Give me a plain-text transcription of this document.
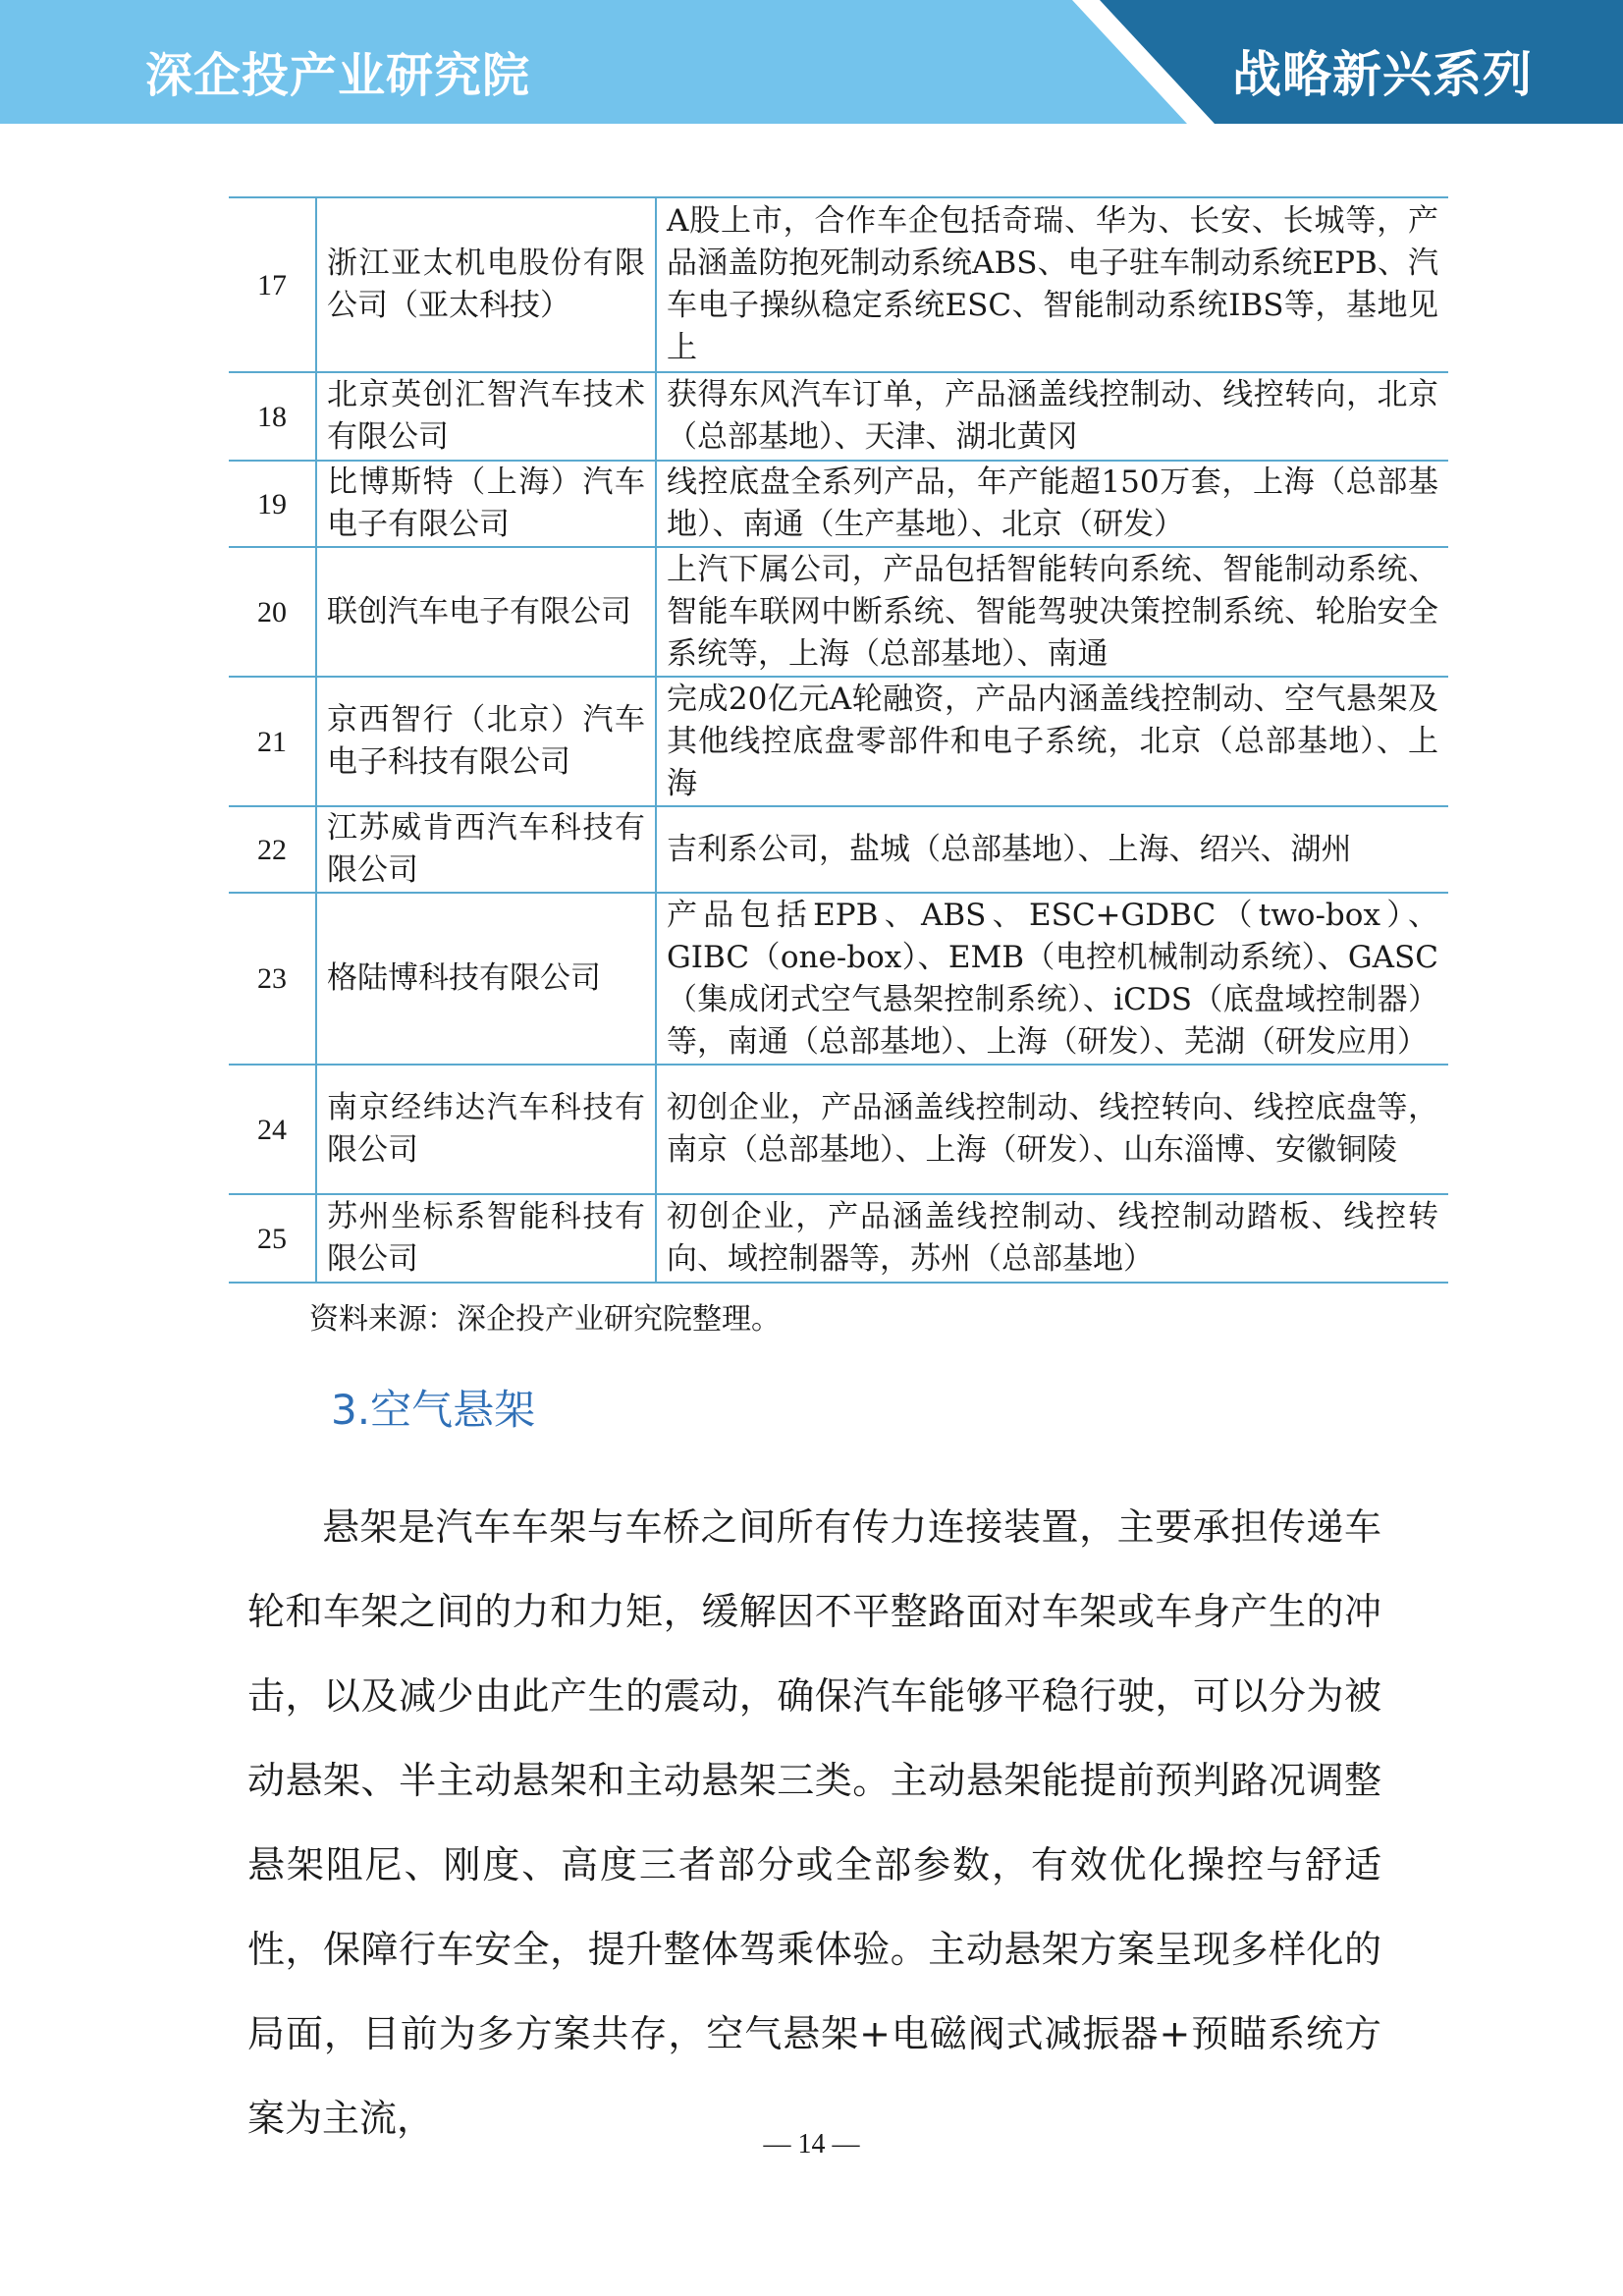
深企投产业研究院	战略新兴系列
17	浙江亚太机电股份有限公司（亚太科技）	A股上市，合作车企包括奇瑞、华为、长安、长城等，产品涵盖防抱死制动系统ABS、电子驻车制动系统EPB、汽车电子操纵稳定系统ESC、智能制动系统IBS等，基地见上
18	北京英创汇智汽车技术有限公司	获得东风汽车订单，产品涵盖线控制动、线控转向，北京（总部基地）、天津、湖北黄冈
19	比博斯特（上海）汽车电子有限公司	线控底盘全系列产品，年产能超150万套，上海（总部基地）、南通（生产基地）、北京（研发）
20	联创汽车电子有限公司	上汽下属公司，产品包括智能转向系统、智能制动系统、智能车联网中断系统、智能驾驶决策控制系统、轮胎安全系统等，上海（总部基地）、南通
21	京西智行（北京）汽车电子科技有限公司	完成20亿元A轮融资，产品内涵盖线控制动、空气悬架及其他线控底盘零部件和电子系统，北京（总部基地）、上海
22	江苏威肯西汽车科技有限公司	吉利系公司，盐城（总部基地）、上海、绍兴、湖州
23	格陆博科技有限公司	产品包括EPB、ABS、ESC+GDBC（two-box）、GIBC（one-box）、EMB（电控机械制动系统）、GASC（集成闭式空气悬架控制系统）、iCDS（底盘域控制器）等，南通（总部基地）、上海（研发）、芜湖（研发应用）
24	南京经纬达汽车科技有限公司	初创企业，产品涵盖线控制动、线控转向、线控底盘等，南京（总部基地）、上海（研发）、山东淄博、安徽铜陵
25	苏州坐标系智能科技有限公司	初创企业，产品涵盖线控制动、线控制动踏板、线控转向、域控制器等，苏州（总部基地）
资料来源：深企投产业研究院整理。
3.空气悬架

悬架是汽车车架与车桥之间所有传力连接装置，主要承担传递车轮和车架之间的力和力矩，缓解因不平整路面对车架或车身产生的冲击，以及减少由此产生的震动，确保汽车能够平稳行驶，可以分为被动悬架、半主动悬架和主动悬架三类。主动悬架能提前预判路况调整悬架阻尼、刚度、高度三者部分或全部参数，有效优化操控与舒适性，保障行车安全，提升整体驾乘体验。主动悬架方案呈现多样化的局面，目前为多方案共存，空气悬架+电磁阀式减振器+预瞄系统方案为主流，

— 14 —
